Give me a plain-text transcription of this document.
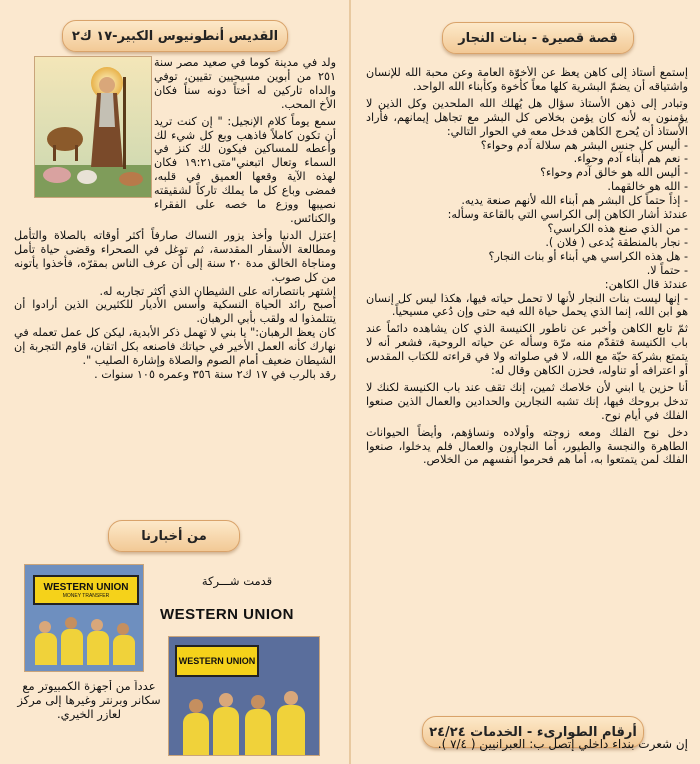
قصة قصيرة - بنات النجار

إستمع أستاذ إلى كاهن يعظ عن الأخوّة العامة وعن محبة الله للإنسان واشتياقه أن يضمّ البشرية كلها معاً كأخوة وكأبناء الله الواحد.

وتبادر إلى ذهن الأستاذ سؤال هل يُهلك الله الملحدين وكل الذين لا يؤمنون به لأنه كان يؤمن بخلاص كل البشر مع تجاهل إيمانهم، فأراد الأستاذ أن يُحرج الكاهن فدخل معه في الحوار التالي:

- أليس كل جنس البشر هم سلالة آدم وحواء؟

- نعم هم أبناء آدم وحواء.

- أليس الله هو خالق آدم وحواء؟

- الله هو خالقهما.

- إذاً حتماً كل البشر هم أبناء الله لأنهم صنعة يديه.

عندئذ أشار الكاهن إلى الكراسي التي بالقاعة وسأله:

- من الذي صنع هذه الكراسي؟

- نجار بالمنطقة يُدعى ( فلان ).

- هل هذه الكراسي هي أبناء أو بنات النجار؟

- حتماً لا.

عندئذ قال الكاهن:

- إنها ليست بنات النجار لأنها لا تحمل حياته فيها، هكذا ليس كل إنسان هو ابن الله، إنما الذي يحمل حياة الله فيه حتى وإن دُعي مسيحياً.

ثمّ تابع الكاهن وأخبر عن ناطور الكنيسة الذي كان يشاهده دائماً عند باب الكنيسة فتقدّم منه مرّة وسأله عن حياته الروحية، فشعر أنه لا يتمتع بشركة حيّة مع الله، لا في صلواته ولا في قراءته للكتاب المقدس أو اعترافه أو تناوله، فحزن الكاهن وقال له:

أنا حزين يا ابني لأن خلاصك ثمين، إنك تقف عند باب الكنيسة لكنك لا تدخل بروحك فيها، إنك تشبه النجارين والحدادين والعمال الذين صنعوا الفلك في أيام نوح.

دخل نوح الفلك ومعه زوجته وأولاده ونساؤهم، وأيضاً الحيوانات الطاهرة والنجسة والطيور، أما النجارون والعمال فلم يدخلوا، صنعوا الفلك لمن يتمتعوا به، أما هم فحرموا أنفسهم من الخلاص.

أرقام الطوارىء - الخدمات ٢٤/٢٤

إن شعرت بنداء داخلي إتصل ب: العبرانيين ( ٧/٤ ).

القديس أنطونيوس الكبير-١٧ ك٢

ولد في مدينة كوما في صعيد مصر سنة ٢٥١ من أبوين مسيحيين تقيين، توفي والداه تاركين له أختاً دونه سناً فكان الأخ المحب.

سمع يوماً كلام الإنجيل: " إن كنت تريد أن تكون كاملاً فاذهب وبع كل شيء لك وأعطه للمساكين فيكون لك كنز في السماء وتعال اتبعني"متى١٩:٢١ فكان لهذه الآية وقعها العميق في قلبه، فمضى وباع كل ما يملك تاركاً لشقيقته نصيبها ووزع ما خصه على الفقراء والكنائس.

إعتزل الدنيا وأخذ يزور النساك صارفاً أكثر أوقاته بالصلاة والتأمل ومطالعة الأسفار المقدسة، ثم توغل في الصحراء وقضى حياة تأمل ومناجاة الخالق مدة ٢٠ سنة إلى أن عرف الناس بمقرّه، فأخذوا يأتونه من كل صوب.

إشتهر بانتصاراته على الشيطان الذي أكثر تجاربه له.

أصبح رائد الحياة النسكية وأسس الأديار للكثيرين الذين أرادوا أن يتتلمذوا له ولقب بأبي الرهبان.

كان يعظ الرهبان:" يا بني لا تهمل ذكر الأبدية، ليكن كل عمل تعمله في نهارك كأنه العمل الأخير في حياتك فاصنعه بكل اتقان، قاوم التجربة إن الشيطان ضعيف أمام الصوم والصلاة وإشارة الصليب ".

رقد بالرب في ١٧ ك٢ سنة ٣٥٦ وعمره ١٠٥ سنوات .

من أخبارنا
WESTERN UNION
MONEY TRANSFER
قدمت شـــركة
WESTERN UNION
WESTERN UNION

عدداً من أجهزة الكمبيوتر مع سكانر وبرنتر وغيرها إلى مركز لعازر الخيري.
